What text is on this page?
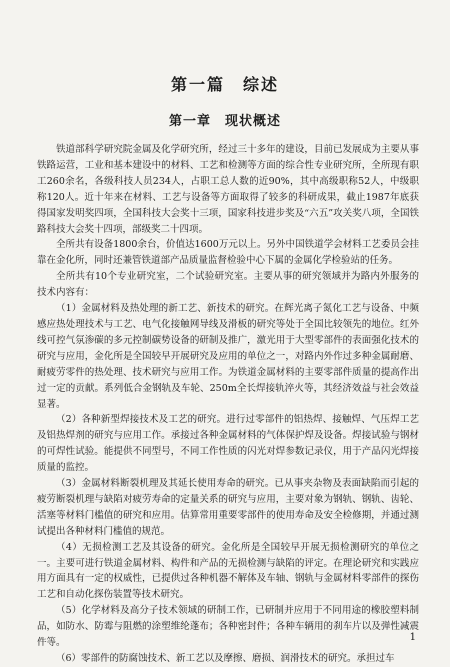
第一篇　综述
第一章　现状概述

铁道部科学研究院金属及化学研究所，经过三十多年的建设，目前已发展成为主要从事铁路运营，工业和基本建设中的材料、工艺和检测等方面的综合性专业研究所，全所现有职工260余名，各级科技人员234人，占职工总人数的近90%，其中高级职称52人，中级职称120人。近十年来在材料、工艺与设备等方面取得了较多的科研成果，截止1987年底获得国家发明奖四项，全国科技大会奖十三项，国家科技进步奖及“六五”攻关奖八项，全国铁路科技大会奖十四项，部级奖二十四项。

全所共有设备1800余台，价值达1600万元以上。另外中国铁道学会材料工艺委员会挂靠在金化所，同时还兼管铁道部产品质量监督检验中心下属的金属化学检验站的任务。

全所共有10个专业研究室，二个试验研究室。主要从事的研究领域并为路内外服务的技术内容有：

（1）金属材料及热处理的新工艺、新技术的研究。在辉光离子氮化工艺与设备、中频感应热处理技术与工艺、电气化接触网导线及滑板的研究等处于全国比较领先的地位。红外线可控气氛渗碳的多元控制碳势设备的研制及推广，激光用于大型零部件的表面强化技术的研究与应用，金化所是全国较早开展研究及应用的单位之一，对路内外作过多种金属耐磨、耐疲劳零件的热处理、技术研究与应用工作。为铁道金属材料的主要零部件质量的提高作出过一定的贡献。系列低合金钢轨及车轮、250m全长焊接轨淬火等，其经济效益与社会效益显著。

（2）各种新型焊接技术及工艺的研究。进行过零部件的铝热焊、接触焊、气压焊工艺及铝热焊剂的研究与应用工作。承接过各种金属材料的气体保护焊及设备。焊接试验与钢材的可焊性试验。能提供不同型号，不同工作性质的闪光对焊参数记录仪，用于产品闪光焊接质量的监控。

（3）金属材料断裂机理及其延长使用寿命的研究。已从事夹杂物及表面缺陷而引起的疲劳断裂机理与缺陷对疲劳寿命的定量关系的研究与应用，主要对象为钢轨、钢轨、齿轮、活塞等材料门槛值的研究和应用。估算常用重要零部件的使用寿命及安全检修期，并通过测试提出各种材料门槛值的规范。

（4）无损检测工艺及其设备的研究。金化所是全国较早开展无损检测研究的单位之一。主要可进行铁道金属材料、构件和产品的无损检测与缺陷的评定。在理论研究和实践应用方面具有一定的权威性，已提供过各种机器不解体及车轴、钢轨与金属材料零部件的探伤工艺和自动化探伤装置等技术研究。

（5）化学材料及高分子技术领域的研制工作，已研制并应用于不同用途的橡胶塑料制品，如防水、防霉与阻燃的涂塑维纶蓬布；各种密封件；各种车辆用的刹车片以及弹性减震件等。

（6）零部件的防腐蚀技术、新工艺以及摩擦、磨损、润滑技术的研究。承担过车

1
